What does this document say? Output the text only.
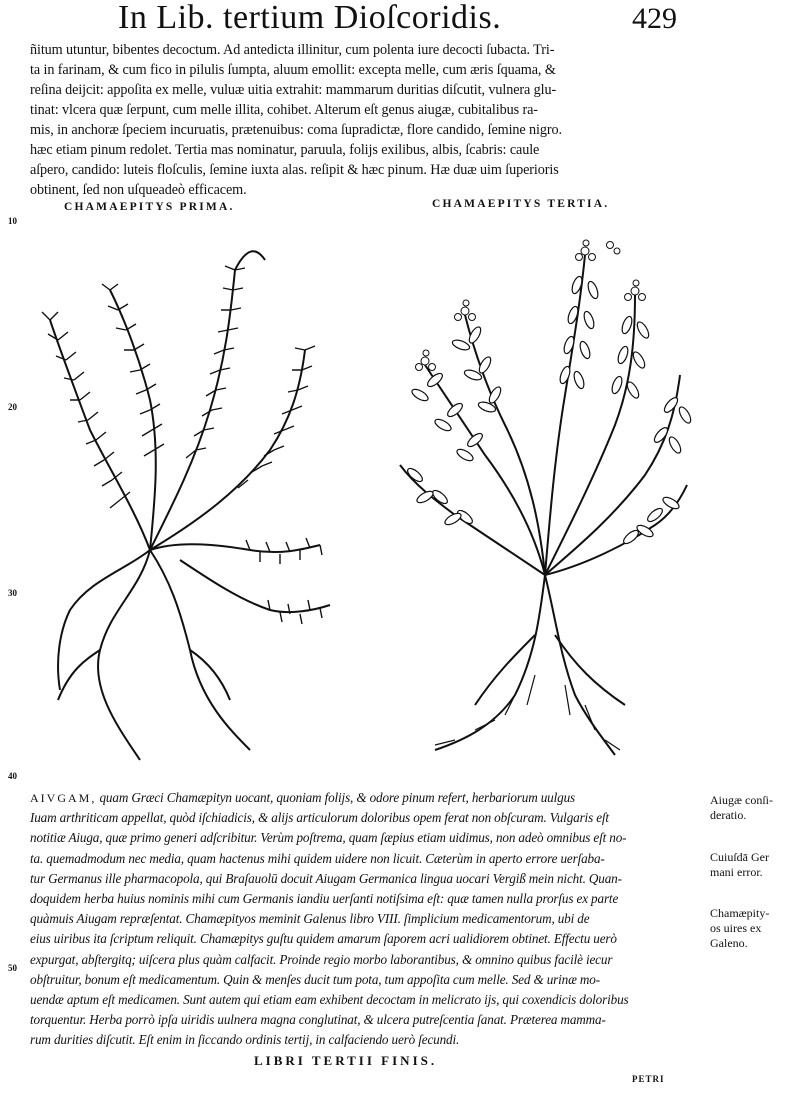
In Lib. tertium Dioſcoridis.	429

ñitum utuntur, bibentes decoctum. Ad antedicta illinitur, cum polenta iure decocti ſubacta. Tri-

ta in farinam, & cum fico in pilulis ſumpta, aluum emollit: excepta melle, cum æris ſquama, &

reſina deijcit: appoſita ex melle, vuluæ uitia extrahit: mammarum duritias diſcutit, vulnera glu-

tinat: vlcera quæ ſerpunt, cum melle illita, cohibet. Alterum eſt genus aiugæ, cubitalibus ra-

mis, in anchoræ ſpeciem incuruatis, prætenuibus: coma ſupradictæ, flore candido, ſemine nigro.

hæc etiam pinum redolet. Tertia mas nominatur, paruula, folijs exilibus, albis, ſcabris: caule

aſpero, candido: luteis floſculis, ſemine iuxta alas. reſipit & hæc pinum. Hæ duæ uim ſuperioris

obtinent, ſed non uſqueadeò efficacem.

CHAMAEPITYS PRIMA.	CHAMAEPITYS TERTIA.
10
20
30
40
50
AIVGAM, quam Græci Chamæpityn uocant, quoniam folijs, & odore pinum refert, herbariorum uulgus
Iuam arthriticam appellat, quòd iſchiadicis, & alijs articulorum doloribus opem ferat non obſcuram. Vulgaris eſt
notitiæ Aiuga, quæ primo generi adſcribitur. Verùm poſtrema, quam ſæpius etiam uidimus, non adeò omnibus eſt no-
ta. quemadmodum nec media, quam hactenus mihi quidem uidere non licuit. Cæterùm in aperto errore uerſaba-
tur Germanus ille pharmacopola, qui Braſauolū docuit Aiugam Germanica lingua uocari Vergiß mein nicht. Quan-
doquidem herba huius nominis mihi cum Germanis iandiu uerſanti notiſsima eſt: quæ tamen nulla prorſus ex parte
quàmuis Aiugam repræſentat. Chamæpityos meminit Galenus libro VIII. ſimplicium medicamentorum, ubi de
eius uiribus ita ſcriptum reliquit. Chamæpitys guſtu quidem amarum ſaporem acri ualidiorem obtinet. Effectu uerò
expurgat, abſtergitq; uiſcera plus quàm calfacit. Proinde regio morbo laborantibus, & omnino quibus facilè iecur
obſtruitur, bonum eſt medicamentum. Quin & menſes ducit tum pota, tum appoſita cum melle. Sed & urinæ mo-
uendæ aptum eſt medicamen. Sunt autem qui etiam eam exhibent decoctam in melicrato ijs, qui coxendicis doloribus
torquentur. Herba porrò ipſa uiridis uulnera magna conglutinat, & ulcera putreſcentia ſanat. Præterea mamma-
rum durities diſcutit. Eſt enim in ſiccando ordinis tertij, in calfaciendo uerò ſecundi.
Aiugæ conſi-
deratio.
Cuiuſdā Ger
mani error.
Chamæpity-
os uires ex
Galeno.
LIBRI TERTII FINIS.
PETRI
